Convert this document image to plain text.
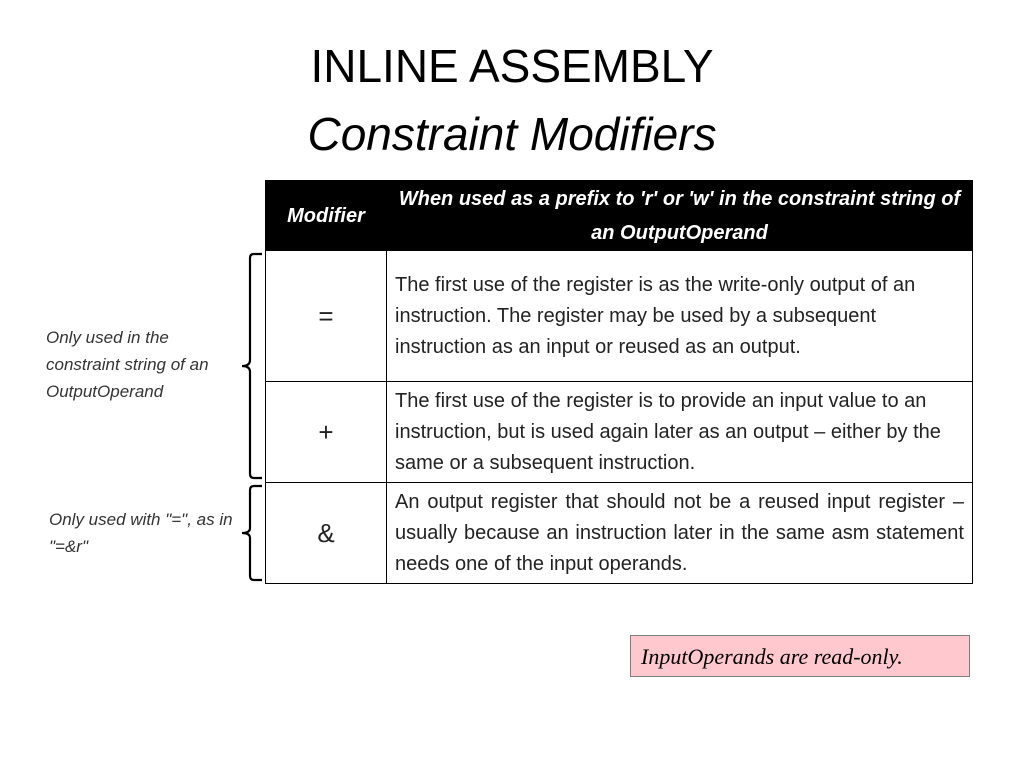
INLINE ASSEMBLY
Constraint Modifiers
Modifier	When used as a prefix to 'r' or 'w' in the constraint string of an OutputOperand
=	The first use of the register is as the write-only output of an instruction. The register may be used by a subsequent instruction as an input or reused as an output.
+	The first use of the register is to provide an input value to an instruction, but is used again later as an output – either by the same or a subsequent instruction.
&	An output register that should not be a reused input register – usually because an instruction later in the same asm statement needs one of the input operands.
Only used in the constraint string of an OutputOperand
Only used with "=", as in "=&r"
InputOperands are read-only.
